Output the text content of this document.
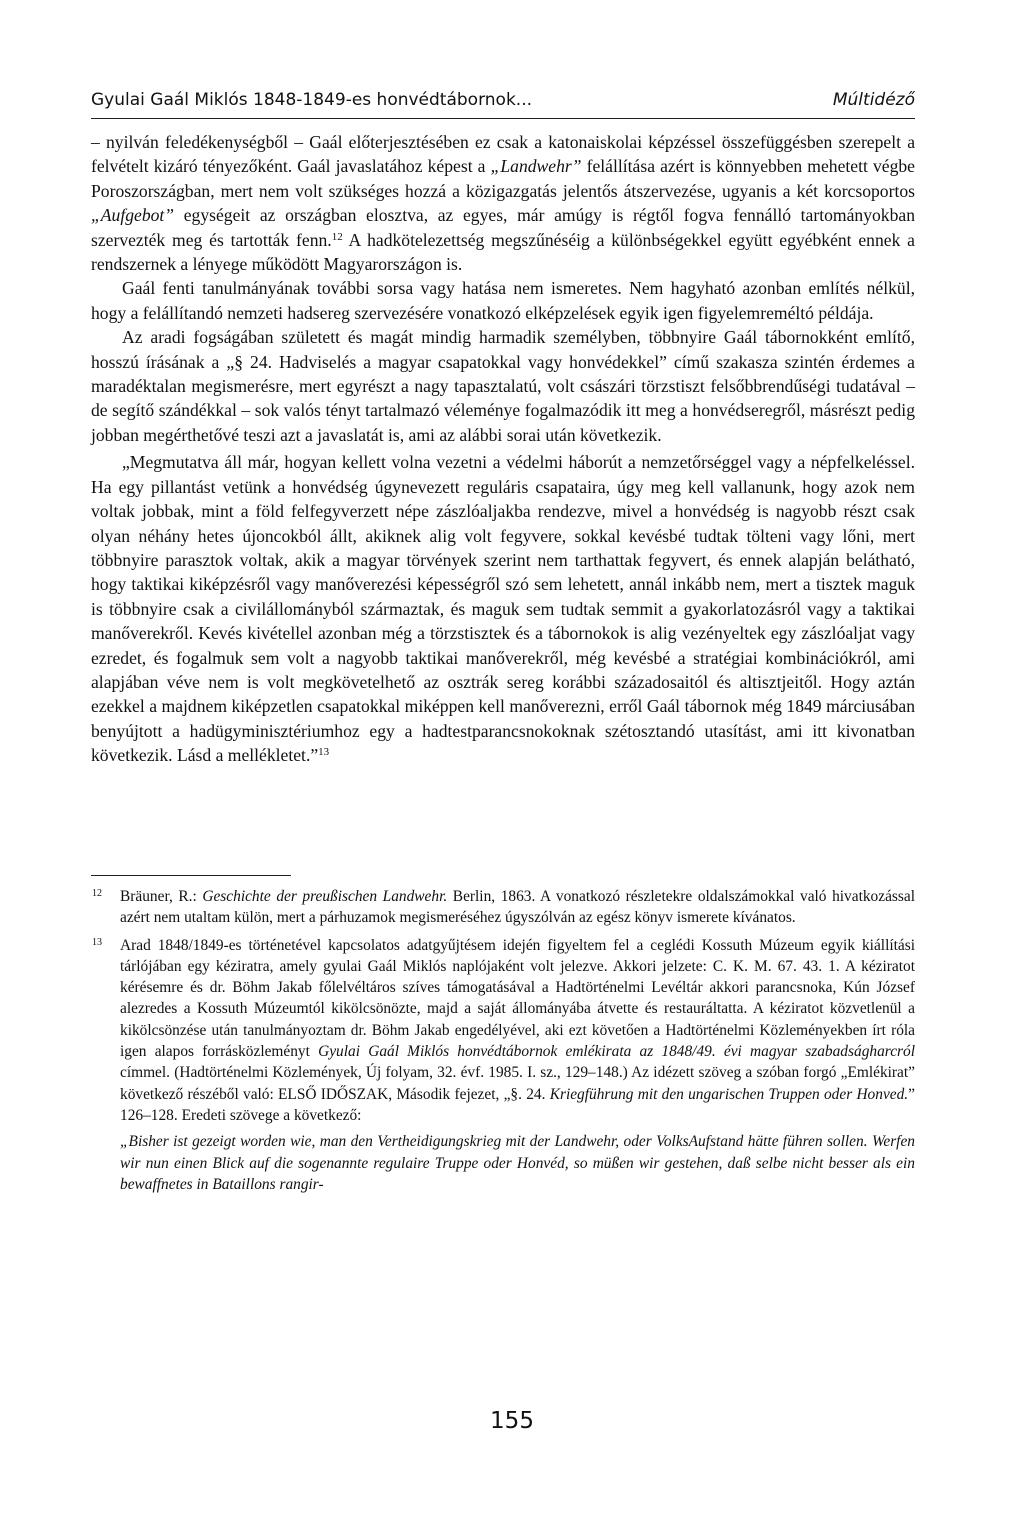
Gyulai Gaál Miklós 1848-1849-es honvédtábornok...	Múltidéző

– nyilván feledékenységből – Gaál előterjesztésében ez csak a katonaiskolai képzéssel összefüggésben szerepelt a felvételt kizáró tényezőként. Gaál javaslatához képest a „Landwehr” felállítása azért is könnyebben mehetett végbe Poroszországban, mert nem volt szükséges hozzá a közigazgatás jelentős átszervezése, ugyanis a két korcsoportos „Aufgebot” egységeit az országban elosztva, az egyes, már amúgy is régtől fogva fennálló tartományokban szervezték meg és tartották fenn.$^{12}$ A hadkötelezettség megszűnéséig a különbségekkel együtt egyébként ennek a rendszernek a lényege működött Magyarországon is.

Gaál fenti tanulmányának további sorsa vagy hatása nem ismeretes. Nem hagyható azonban említés nélkül, hogy a felállítandó nemzeti hadsereg szervezésére vonatkozó elképzelések egyik igen figyelemreméltó példája.

Az aradi fogságában született és magát mindig harmadik személyben, többnyire Gaál tábornokként említő, hosszú írásának a „§ 24. Hadviselés a magyar csapatokkal vagy honvédekkel” című szakasza szintén érdemes a maradéktalan megismerésre, mert egyrészt a nagy tapasztalatú, volt császári törzstiszt felsőbbrendűségi tudatával – de segítő szándékkal – sok valós tényt tartalmazó véleménye fogalmazódik itt meg a honvédseregről, másrészt pedig jobban megérthetővé teszi azt a javaslatát is, ami az alábbi sorai után következik.

„Megmutatva áll már, hogyan kellett volna vezetni a védelmi háborút a nemzetőrséggel vagy a népfelkeléssel. Ha egy pillantást vetünk a honvédség úgynevezett reguláris csapataira, úgy meg kell vallanunk, hogy azok nem voltak jobbak, mint a föld felfegyverzett népe zászlóaljakba rendezve, mivel a honvédség is nagyobb részt csak olyan néhány hetes újoncokból állt, akiknek alig volt fegyvere, sokkal kevésbé tudtak tölteni vagy lőni, mert többnyire parasztok voltak, akik a magyar törvények szerint nem tarthattak fegyvert, és ennek alapján belátható, hogy taktikai kiképzésről vagy manőverezési képességről szó sem lehetett, annál inkább nem, mert a tisztek maguk is többnyire csak a civilállományból származtak, és maguk sem tudtak semmit a gyakorlatozásról vagy a taktikai manőverekről. Kevés kivétellel azonban még a törzstisztek és a tábornokok is alig vezényeltek egy zászlóaljat vagy ezredet, és fogalmuk sem volt a nagyobb taktikai manőverekről, még kevésbé a stratégiai kombinációkról, ami alapjában véve nem is volt megkövetelhető az osztrák sereg korábbi századosaitól és altisztjeitől. Hogy aztán ezekkel a majdnem kiképzetlen csapatokkal miképpen kell manőverezni, erről Gaál tábornok még 1849 márciusában benyújtott a hadügyminisztériumhoz egy a hadtestparancsnokoknak szétosztandó utasítást, ami itt kivonatban következik. Lásd a mellékletet.”$^{13}$

12 Bräuner, R.: Geschichte der preußischen Landwehr. Berlin, 1863. A vonatkozó részletekre oldalszámokkal való hivatkozással azért nem utaltam külön, mert a párhuzamok megismeréséhez úgyszólván az egész könyv ismerete kívánatos.

13 Arad 1848/1849-es történetével kapcsolatos adatgyűjtésem idején figyeltem fel a ceglédi Kossuth Múzeum egyik kiállítási tárlójában egy kéziratra, amely gyulai Gaál Miklós naplójaként volt jelezve. Akkori jelzete: C. K. M. 67. 43. 1. A kéziratot kérésemre és dr. Böhm Jakab főlelvéltáros szíves támogatásával a Hadtörténelmi Levéltár akkori parancsnoka, Kún József alezredes a Kossuth Múzeumtól kikölcsönözte, majd a saját állományába átvette és restauráltatta. A kéziratot közvetlenül a kikölcsönzése után tanulmányoztam dr. Böhm Jakab engedélyével, aki ezt követően a Hadtörténelmi Közleményekben írt róla igen alapos forrásközleményt Gyulai Gaál Miklós honvédtábornok emlékirata az 1848/49. évi magyar szabadságharcról címmel. (Hadtörténelmi Közlemények, Új folyam, 32. évf. 1985. I. sz., 129–148.) Az idézett szöveg a szóban forgó „Emlékirat” következő részéből való: ELSŐ IDŐSZAK, Második fejezet, „§. 24. Kriegführung mit den ungarischen Truppen oder Honved.” 126–128. Eredeti szövege a következő:

„Bisher ist gezeigt worden wie, man den Vertheidigungskrieg mit der Landwehr, oder VolksAufstand hätte führen sollen. Werfen wir nun einen Blick auf die sogenannte regulaire Truppe oder Honvéd, so müßen wir gestehen, daß selbe nicht besser als ein bewaffnetes in Bataillons rangir-

155
